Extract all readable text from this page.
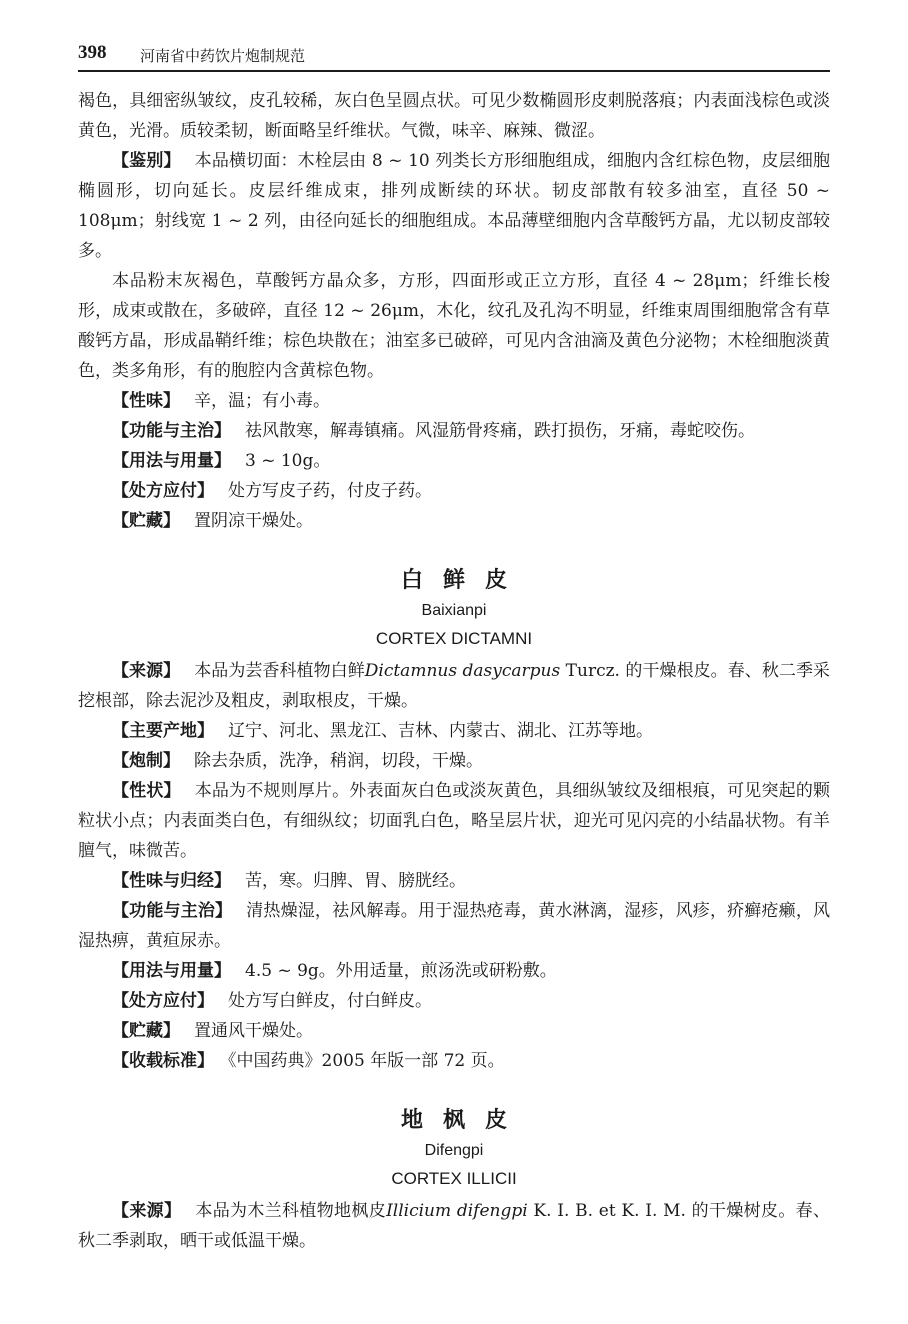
398 河南省中药饮片炮制规范

褐色，具细密纵皱纹，皮孔较稀，灰白色呈圆点状。可见少数椭圆形皮刺脱落痕；内表面浅棕色或淡黄色，光滑。质较柔韧，断面略呈纤维状。气微，味辛、麻辣、微涩。

【鉴别】 本品横切面：木栓层由 8 ~ 10 列类长方形细胞组成，细胞内含红棕色物，皮层细胞椭圆形，切向延长。皮层纤维成束，排列成断续的环状。韧皮部散有较多油室，直径 50 ~ 108μm；射线宽 1 ~ 2 列，由径向延长的细胞组成。本品薄壁细胞内含草酸钙方晶，尤以韧皮部较多。

本品粉末灰褐色，草酸钙方晶众多，方形，四面形或正立方形，直径 4 ~ 28μm；纤维长梭形，成束或散在，多破碎，直径 12 ~ 26μm，木化，纹孔及孔沟不明显，纤维束周围细胞常含有草酸钙方晶，形成晶鞘纤维；棕色块散在；油室多已破碎，可见内含油滴及黄色分泌物；木栓细胞淡黄色，类多角形，有的胞腔内含黄棕色物。

【性味】 辛，温；有小毒。

【功能与主治】 祛风散寒，解毒镇痛。风湿筋骨疼痛，跌打损伤，牙痛，毒蛇咬伤。

【用法与用量】 3 ~ 10g。

【处方应付】 处方写皮子药，付皮子药。

【贮藏】 置阴凉干燥处。

白鲜皮
Baixianpi
CORTEX DICTAMNI

【来源】 本品为芸香科植物白鲜Dictamnus dasycarpus Turcz. 的干燥根皮。春、秋二季采挖根部，除去泥沙及粗皮，剥取根皮，干燥。

【主要产地】 辽宁、河北、黑龙江、吉林、内蒙古、湖北、江苏等地。

【炮制】 除去杂质，洗净，稍润，切段，干燥。

【性状】 本品为不规则厚片。外表面灰白色或淡灰黄色，具细纵皱纹及细根痕，可见突起的颗粒状小点；内表面类白色，有细纵纹；切面乳白色，略呈层片状，迎光可见闪亮的小结晶状物。有羊膻气，味微苦。

【性味与归经】 苦，寒。归脾、胃、膀胱经。

【功能与主治】 清热燥湿，祛风解毒。用于湿热疮毒，黄水淋漓，湿疹，风疹，疥癣疮癞，风湿热痹，黄疸尿赤。

【用法与用量】 4.5 ~ 9g。外用适量，煎汤洗或研粉敷。

【处方应付】 处方写白鲜皮，付白鲜皮。

【贮藏】 置通风干燥处。

【收载标准】 《中国药典》2005 年版一部 72 页。

地枫皮
Difengpi
CORTEX ILLICII

【来源】 本品为木兰科植物地枫皮Illicium difengpi K. I. B. et K. I. M. 的干燥树皮。春、秋二季剥取，晒干或低温干燥。
